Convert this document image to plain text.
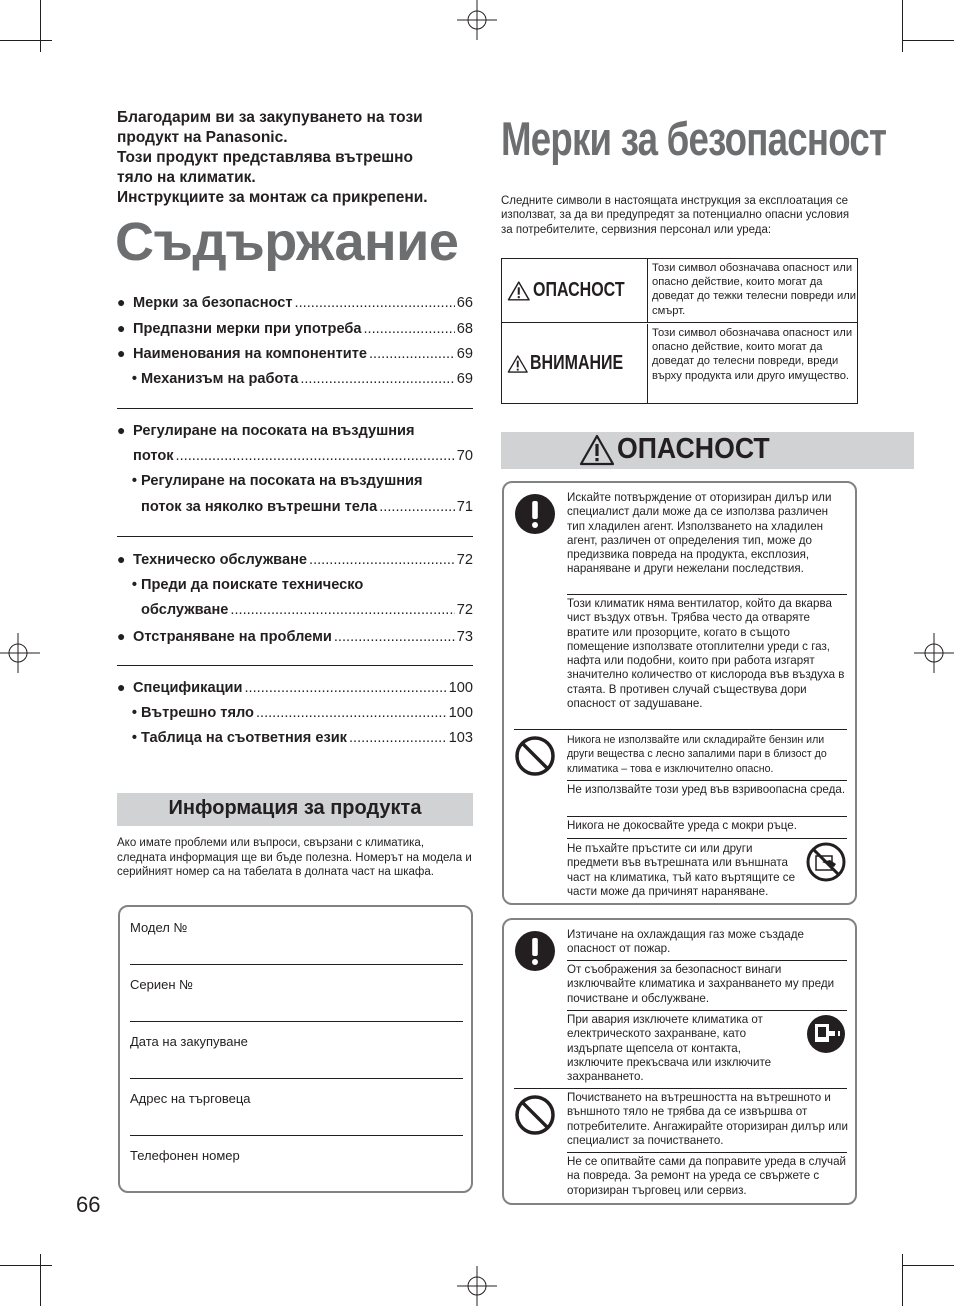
Благодарим ви за закупуването на този
продукт на Panasonic.
Този продукт представлява вътрешно
тяло на климатик.
Инструкциите за монтаж са прикрепени.
Съдържание
● Мерки за безопасност .....	66
● Предпазни мерки при употреба .....	68
● Наименования на компонентите .....	69
• Механизъм на работа .....	69
● Регулиране на посоката на въздушния
поток .....	70
• Регулиране на посоката на въздушния
поток за няколко вътрешни тела .....	71
● Техническо обслужване .....	72
• Преди да поискате техническо
обслужване .....	72
● Отстраняване на проблеми .....	73
● Спецификации .....	100
• Вътрешно тяло .....	100
• Таблица на съответния език .....	103
Информация за продукта
Ако имате проблеми или въпроси, свързани с климатика, следната информация ще ви бъде полезна. Номерът на модела и серийният номер са на табелата в долната част на шкафа.
Модел №
Сериен №
Дата на закупуване
Адрес на търговеца
Телефонен номер
66
Мерки за безопасност
Следните символи в настоящата инструкция за експлоатация се използват, за да ви предупредят за потенциално опасни условия за потребителите, сервизния персонал или уреда:
ОПАСНОСТ
Този символ обозначава опасност или опасно действие, които могат да доведат до тежки телесни повреди или смърт.
ВНИМАНИЕ
Този символ обозначава опасност или опасно действие, които могат да доведат до телесни повреди, вреди върху продукта или друго имущество.
ОПАСНОСТ
Искайте потвърждение от оторизиран дилър или специалист дали може да се използва различен тип хладилен агент. Използването на хладилен агент, различен от определения тип, може до предизвика повреда на продукта, експлозия, нараняване и други нежелани последствия.
Този климатик няма вентилатор, който да вкарва чист въздух отвън. Трябва често да отваряте вратите или прозорците, когато в същото помещение използвате отоплителни уреди с газ, нафта или подобни, които при работа изгарят значително количество от кислорода във въздуха в стаята. В противен случай съществува дори опасност от задушаване.
Никога не използвайте или складирайте бензин или други вещества с лесно запалими пари в близост до климатика – това е изключително опасно.
Не използвайте този уред във взривоопасна среда.
Никога не докосвайте уреда с мокри ръце.
Не пъхайте пръстите си или други предмети във вътрешната или външната част на климатика, тъй като въртящите се части може да причинят нараняване.
Изтичане на охлаждащия газ може създаде опасност от пожар.
От съображения за безопасност винаги изключвайте климатика и захранването му преди почистване и обслужване.
При авария изключете климатика от електрическото захранване, като издърпате щепсела от контакта, изключите прекъсвача или изключите захранването.
Почистването на вътрешността на вътрешното и външното тяло не трябва да се извършва от потребителите. Ангажирайте оторизиран дилър или специалист за почистването.
Не се опитвайте сами да поправите уреда в случай на повреда. За ремонт на уреда се свържете с оторизиран търговец или сервиз.
